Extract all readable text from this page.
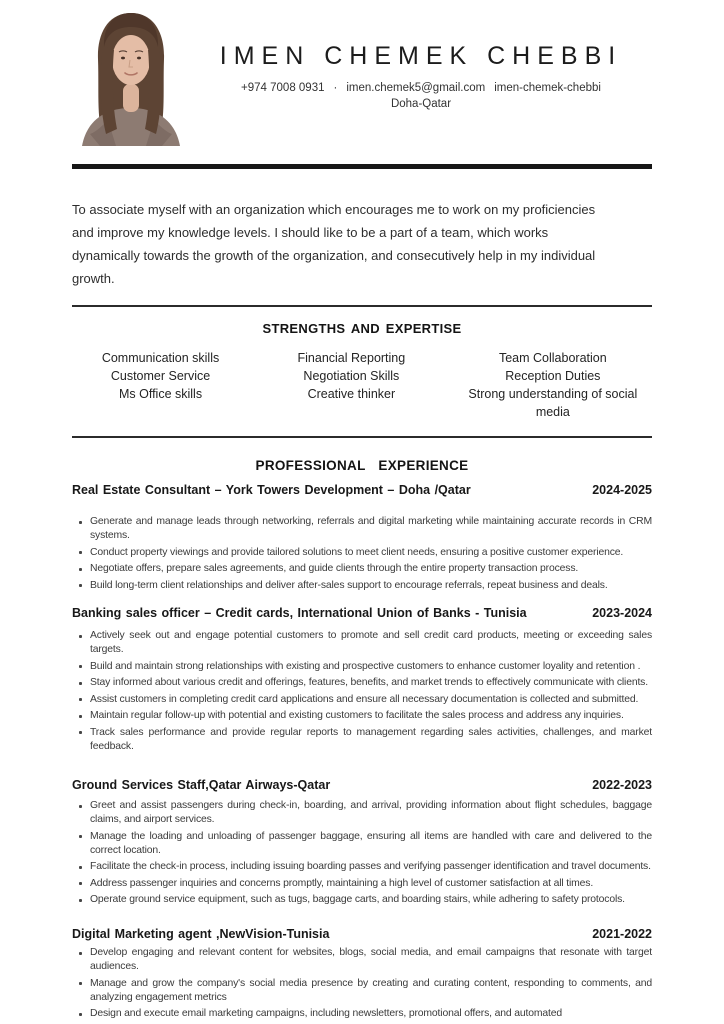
IMEN CHEMEK CHEBBI
+974 7008 0931 · imen.chemek5@gmail.com imen-chemek-chebbi
Doha-Qatar
To associate myself with an organization which encourages me to work on my proficiencies
and improve my knowledge levels. I should like to be a part of a team, which works
dynamically towards the growth of the organization, and consecutively help in my individual
growth.
STRENGTHS AND EXPERTISE
Communication skills
Customer Service
Ms Office skills
Financial Reporting
Negotiation Skills
Creative thinker
Team Collaboration
Reception Duties
Strong understanding of social media
PROFESSIONAL EXPERIENCE
Real Estate Consultant – York Towers Development – Doha /Qatar	2024-2025
Generate and manage leads through networking, referrals and digital marketing while maintaining accurate records in CRM systems.
Conduct property viewings and provide tailored solutions to meet client needs, ensuring a positive customer experience.
Negotiate offers, prepare sales agreements, and guide clients through the entire property transaction process.
Build long-term client relationships and deliver after-sales support to encourage referrals, repeat business and deals.
Banking sales officer – Credit cards, International Union of Banks - Tunisia	2023-2024
Actively seek out and engage potential customers to promote and sell credit card products, meeting or exceeding sales targets.
Build and maintain strong relationships with existing and prospective customers to enhance customer loyality and retention .
Stay informed about various credit and offerings, features, benefits, and market trends to effectively communicate with clients.
Assist customers in completing credit card applications and ensure all necessary documentation is collected and submitted.
Maintain regular follow-up with potential and existing customers to facilitate the sales process and address any inquiries.
Track sales performance and provide regular reports to management regarding sales activities, challenges, and market feedback.
Ground Services Staff,Qatar Airways-Qatar	2022-2023
Greet and assist passengers during check-in, boarding, and arrival, providing information about flight schedules, baggage claims, and airport services.
Manage the loading and unloading of passenger baggage, ensuring all items are handled with care and delivered to the correct location.
Facilitate the check-in process, including issuing boarding passes and verifying passenger identification and travel documents.
Address passenger inquiries and concerns promptly, maintaining a high level of customer satisfaction at all times.
Operate ground service equipment, such as tugs, baggage carts, and boarding stairs, while adhering to safety protocols.
Digital Marketing agent ,NewVision-Tunisia	2021-2022
Develop engaging and relevant content for websites, blogs, social media, and email campaigns that resonate with target audiences.
Manage and grow the company's social media presence by creating and curating content, responding to comments, and analyzing engagement metrics
Design and execute email marketing campaigns, including newsletters, promotional offers, and automated
